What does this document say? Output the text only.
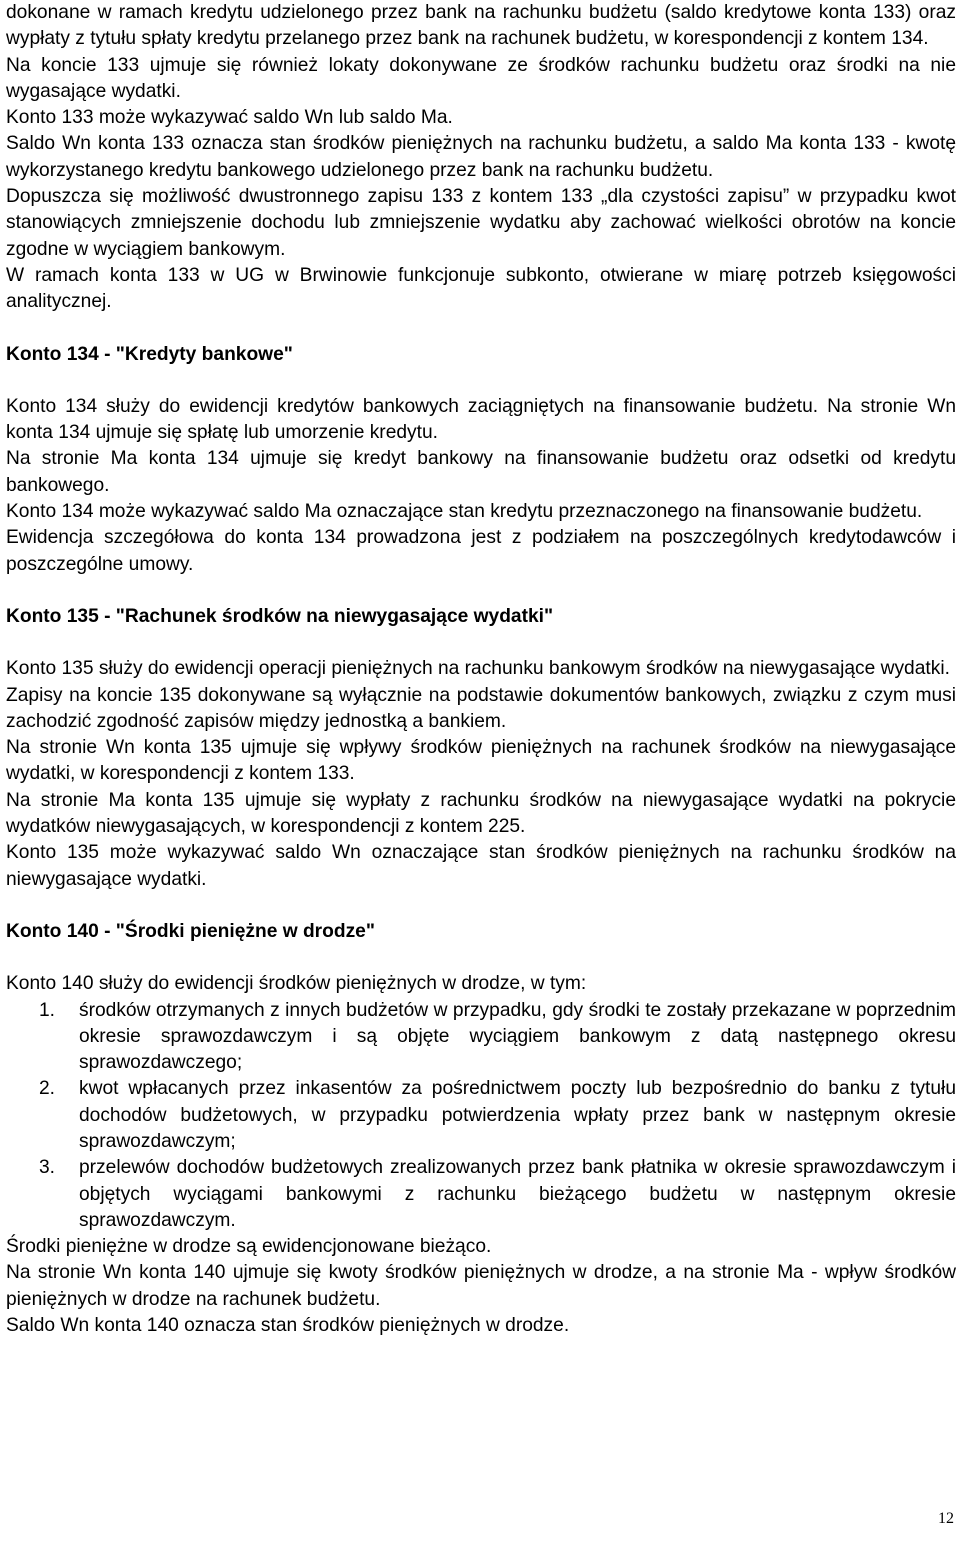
dokonane w ramach kredytu udzielonego przez bank na rachunku budżetu (saldo kredytowe konta 133) oraz wypłaty z tytułu spłaty kredytu przelanego przez bank na rachunek budżetu, w korespondencji z kontem 134.

Na koncie 133 ujmuje się również lokaty dokonywane ze środków rachunku budżetu oraz środki na nie wygasające wydatki.

Konto 133 może wykazywać saldo Wn lub saldo Ma.

Saldo Wn konta 133 oznacza stan środków pieniężnych na rachunku budżetu, a saldo Ma konta 133 - kwotę wykorzystanego kredytu bankowego udzielonego przez bank na rachunku budżetu.

Dopuszcza się możliwość dwustronnego zapisu 133 z kontem 133 „dla czystości zapisu” w przypadku kwot stanowiących zmniejszenie dochodu lub zmniejszenie wydatku aby zachować wielkości obrotów na koncie zgodne w wyciągiem bankowym.

W ramach konta 133 w UG w Brwinowie funkcjonuje subkonto, otwierane w miarę potrzeb księgowości analitycznej.

Konto 134 - "Kredyty bankowe"

Konto 134 służy do ewidencji kredytów bankowych zaciągniętych na finansowanie budżetu. Na stronie Wn konta 134 ujmuje się spłatę lub umorzenie kredytu.

Na stronie Ma konta 134 ujmuje się kredyt bankowy na finansowanie budżetu oraz odsetki od kredytu bankowego.

Konto 134 może wykazywać saldo Ma oznaczające stan kredytu przeznaczonego na finansowanie budżetu.

Ewidencja szczegółowa do konta 134 prowadzona jest z podziałem na poszczególnych kredytodawców i poszczególne umowy.

Konto 135 - "Rachunek środków na niewygasające wydatki"

Konto 135 służy do ewidencji operacji pieniężnych na rachunku bankowym środków na niewygasające wydatki.

Zapisy na koncie 135 dokonywane są wyłącznie na podstawie dokumentów bankowych, związku z czym musi zachodzić zgodność zapisów między jednostką a bankiem.

Na stronie Wn konta 135 ujmuje się wpływy środków pieniężnych na rachunek środków na niewygasające wydatki, w korespondencji z kontem 133.

Na stronie Ma konta 135 ujmuje się wypłaty z rachunku środków na niewygasające wydatki na pokrycie wydatków niewygasających, w korespondencji z kontem 225.

Konto 135 może wykazywać saldo Wn oznaczające stan środków pieniężnych na rachunku środków na niewygasające wydatki.

Konto 140 - "Środki pieniężne w drodze"

Konto 140 służy do ewidencji środków pieniężnych w drodze, w tym:

1. środków otrzymanych z innych budżetów w przypadku, gdy środki te zostały przekazane w poprzednim okresie sprawozdawczym i są objęte wyciągiem bankowym z datą następnego okresu sprawozdawczego;
2. kwot wpłacanych przez inkasentów za pośrednictwem poczty lub bezpośrednio do banku z tytułu dochodów budżetowych, w przypadku potwierdzenia wpłaty przez bank w następnym okresie sprawozdawczym;
3. przelewów dochodów budżetowych zrealizowanych przez bank płatnika w okresie sprawozdawczym i objętych wyciągami bankowymi z rachunku bieżącego budżetu w następnym okresie sprawozdawczym.

Środki pieniężne w drodze są ewidencjonowane bieżąco.

Na stronie Wn konta 140 ujmuje się kwoty środków pieniężnych w drodze, a na stronie Ma - wpływ środków pieniężnych w drodze na rachunek budżetu.

Saldo Wn konta 140 oznacza stan środków pieniężnych w drodze.

12
